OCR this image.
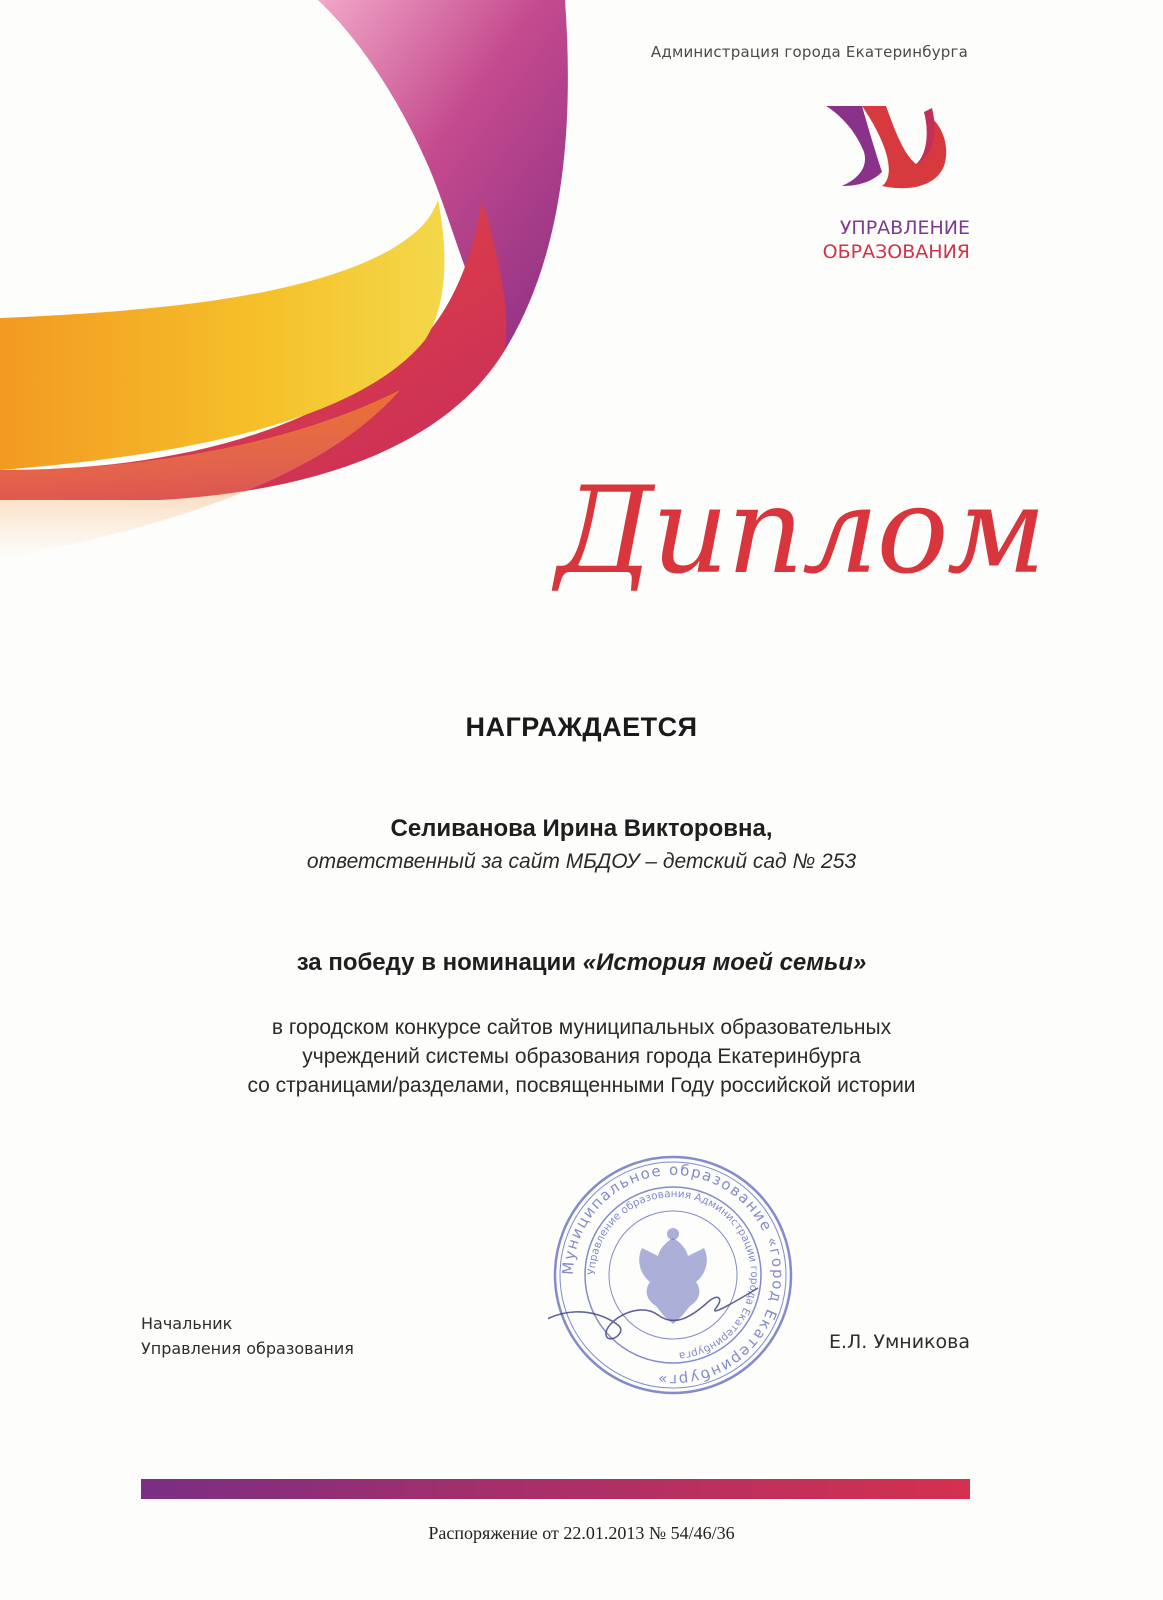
Администрация города Екатеринбурга
УПРАВЛЕНИЕ
ОБРАЗОВАНИЯ
Диплом
НАГРАЖДАЕТСЯ
Селиванова Ирина Викторовна,
ответственный за сайт МБДОУ – детский сад № 253
за победу в номинации «История моей семьи»
в городском конкурсе сайтов муниципальных образовательных
учреждений системы образования города Екатеринбурга
со страницами/разделами, посвященными Году российской истории
Муниципальное образование «город Екатеринбург»
Управление образования Администрации города Екатеринбурга
Начальник
Управления образования	Е.Л. Умникова
Распоряжение от 22.01.2013 № 54/46/36
